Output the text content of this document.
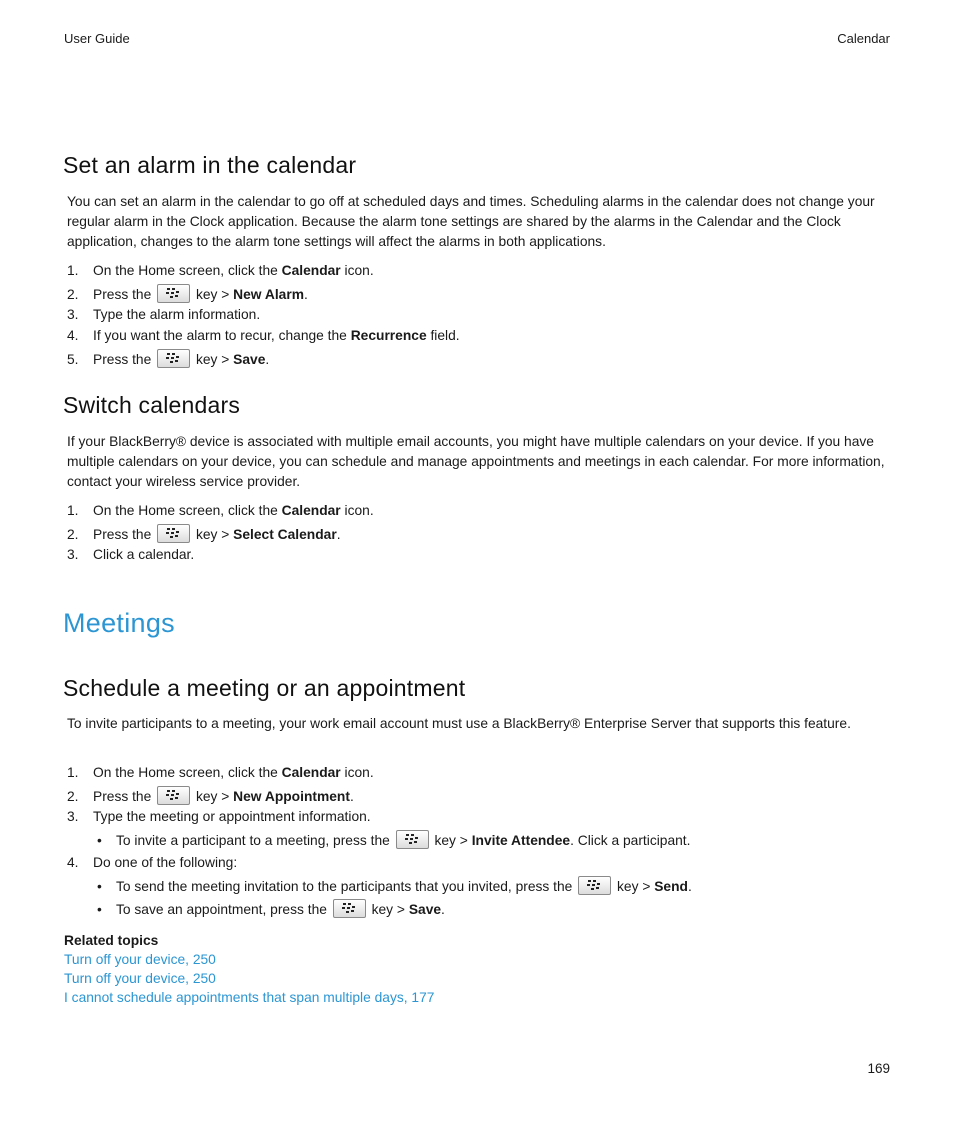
User Guide	Calendar
Set an alarm in the calendar

You can set an alarm in the calendar to go off at scheduled days and times. Scheduling alarms in the calendar does not change your regular alarm in the Clock application. Because the alarm tone settings are shared by the alarms in the Calendar and the Clock application, changes to the alarm tone settings will affect the alarms in both applications.

1. On the Home screen, click the Calendar icon.
2. Press the	key > New Alarm.
3. Type the alarm information.
4. If you want the alarm to recur, change the Recurrence field.
5. Press the	key > Save.
Switch calendars

If your BlackBerry® device is associated with multiple email accounts, you might have multiple calendars on your device. If you have multiple calendars on your device, you can schedule and manage appointments and meetings in each calendar. For more information, contact your wireless service provider.

1. On the Home screen, click the Calendar icon.
2. Press the	key > Select Calendar.
3. Click a calendar.
Meetings
Schedule a meeting or an appointment

To invite participants to a meeting, your work email account must use a BlackBerry® Enterprise Server that supports this feature.

1. On the Home screen, click the Calendar icon.
2. Press the	key > New Appointment.
3. Type the meeting or appointment information.
• To invite a participant to a meeting, press the	key > Invite Attendee. Click a participant.
4. Do one of the following:
• To send the meeting invitation to the participants that you invited, press the	key > Send.
• To save an appointment, press the	key > Save.
Related topics
Turn off your device, 250
Turn off your device, 250
I cannot schedule appointments that span multiple days, 177
169
